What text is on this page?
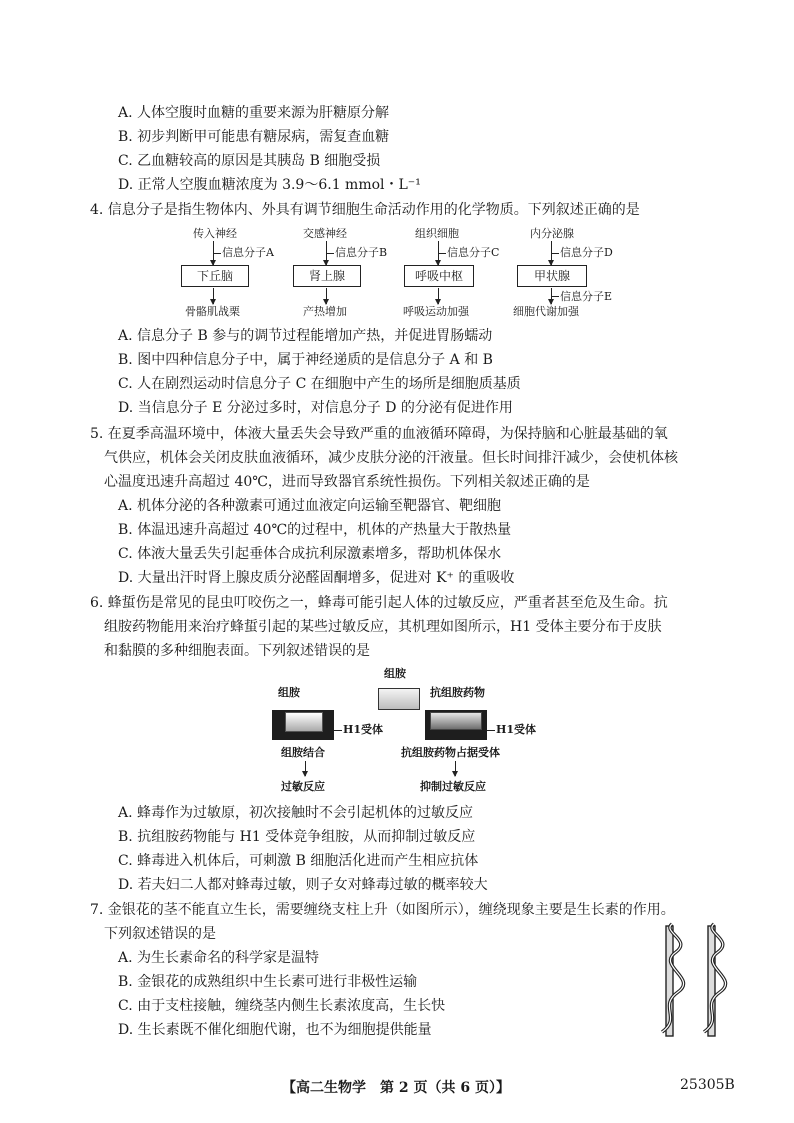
A. 人体空腹时血糖的重要来源为肝糖原分解
B. 初步判断甲可能患有糖尿病，需复查血糖
C. 乙血糖较高的原因是其胰岛 B 细胞受损
D. 正常人空腹血糖浓度为 3.9～6.1 mmol・L⁻¹
4. 信息分子是指生物体内、外具有调节细胞生命活动作用的化学物质。下列叙述正确的是
传入神经
信息分子A
下丘脑
骨骼肌战栗
交感神经
信息分子B
肾上腺
产热增加
组织细胞
信息分子C
呼吸中枢
呼吸运动加强
内分泌腺
信息分子D
甲状腺
信息分子E
细胞代谢加强
A. 信息分子 B 参与的调节过程能增加产热，并促进胃肠蠕动
B. 图中四种信息分子中，属于神经递质的是信息分子 A 和 B
C. 人在剧烈运动时信息分子 C 在细胞中产生的场所是细胞质基质
D. 当信息分子 E 分泌过多时，对信息分子 D 的分泌有促进作用
5. 在夏季高温环境中，体液大量丢失会导致严重的血液循环障碍，为保持脑和心脏最基础的氧
气供应，机体会关闭皮肤血液循环，减少皮肤分泌的汗液量。但长时间排汗减少，会使机体核
心温度迅速升高超过 40℃，进而导致器官系统性损伤。下列相关叙述正确的是
A. 机体分泌的各种激素可通过血液定向运输至靶器官、靶细胞
B. 体温迅速升高超过 40℃的过程中，机体的产热量大于散热量
C. 体液大量丢失引起垂体合成抗利尿激素增多，帮助机体保水
D. 大量出汗时肾上腺皮质分泌醛固酮增多，促进对 K⁺ 的重吸收
6. 蜂蜇伤是常见的昆虫叮咬伤之一，蜂毒可能引起人体的过敏反应，严重者甚至危及生命。抗
组胺药物能用来治疗蜂蜇引起的某些过敏反应，其机理如图所示，H1 受体主要分布于皮肤
和黏膜的多种细胞表面。下列叙述错误的是
组胺
组胺	抗组胺药物
H1受体	H1受体
组胺结合
过敏反应
抗组胺药物占据受体
抑制过敏反应
A. 蜂毒作为过敏原，初次接触时不会引起机体的过敏反应
B. 抗组胺药物能与 H1 受体竞争组胺，从而抑制过敏反应
C. 蜂毒进入机体后，可刺激 B 细胞活化进而产生相应抗体
D. 若夫妇二人都对蜂毒过敏，则子女对蜂毒过敏的概率较大
7. 金银花的茎不能直立生长，需要缠绕支柱上升（如图所示），缠绕现象主要是生长素的作用。
下列叙述错误的是
A. 为生长素命名的科学家是温特
B. 金银花的成熟组织中生长素可进行非极性运输
C. 由于支柱接触，缠绕茎内侧生长素浓度高，生长快
D. 生长素既不催化细胞代谢，也不为细胞提供能量
【高二生物学　第 2 页（共 6 页）】	25305B
